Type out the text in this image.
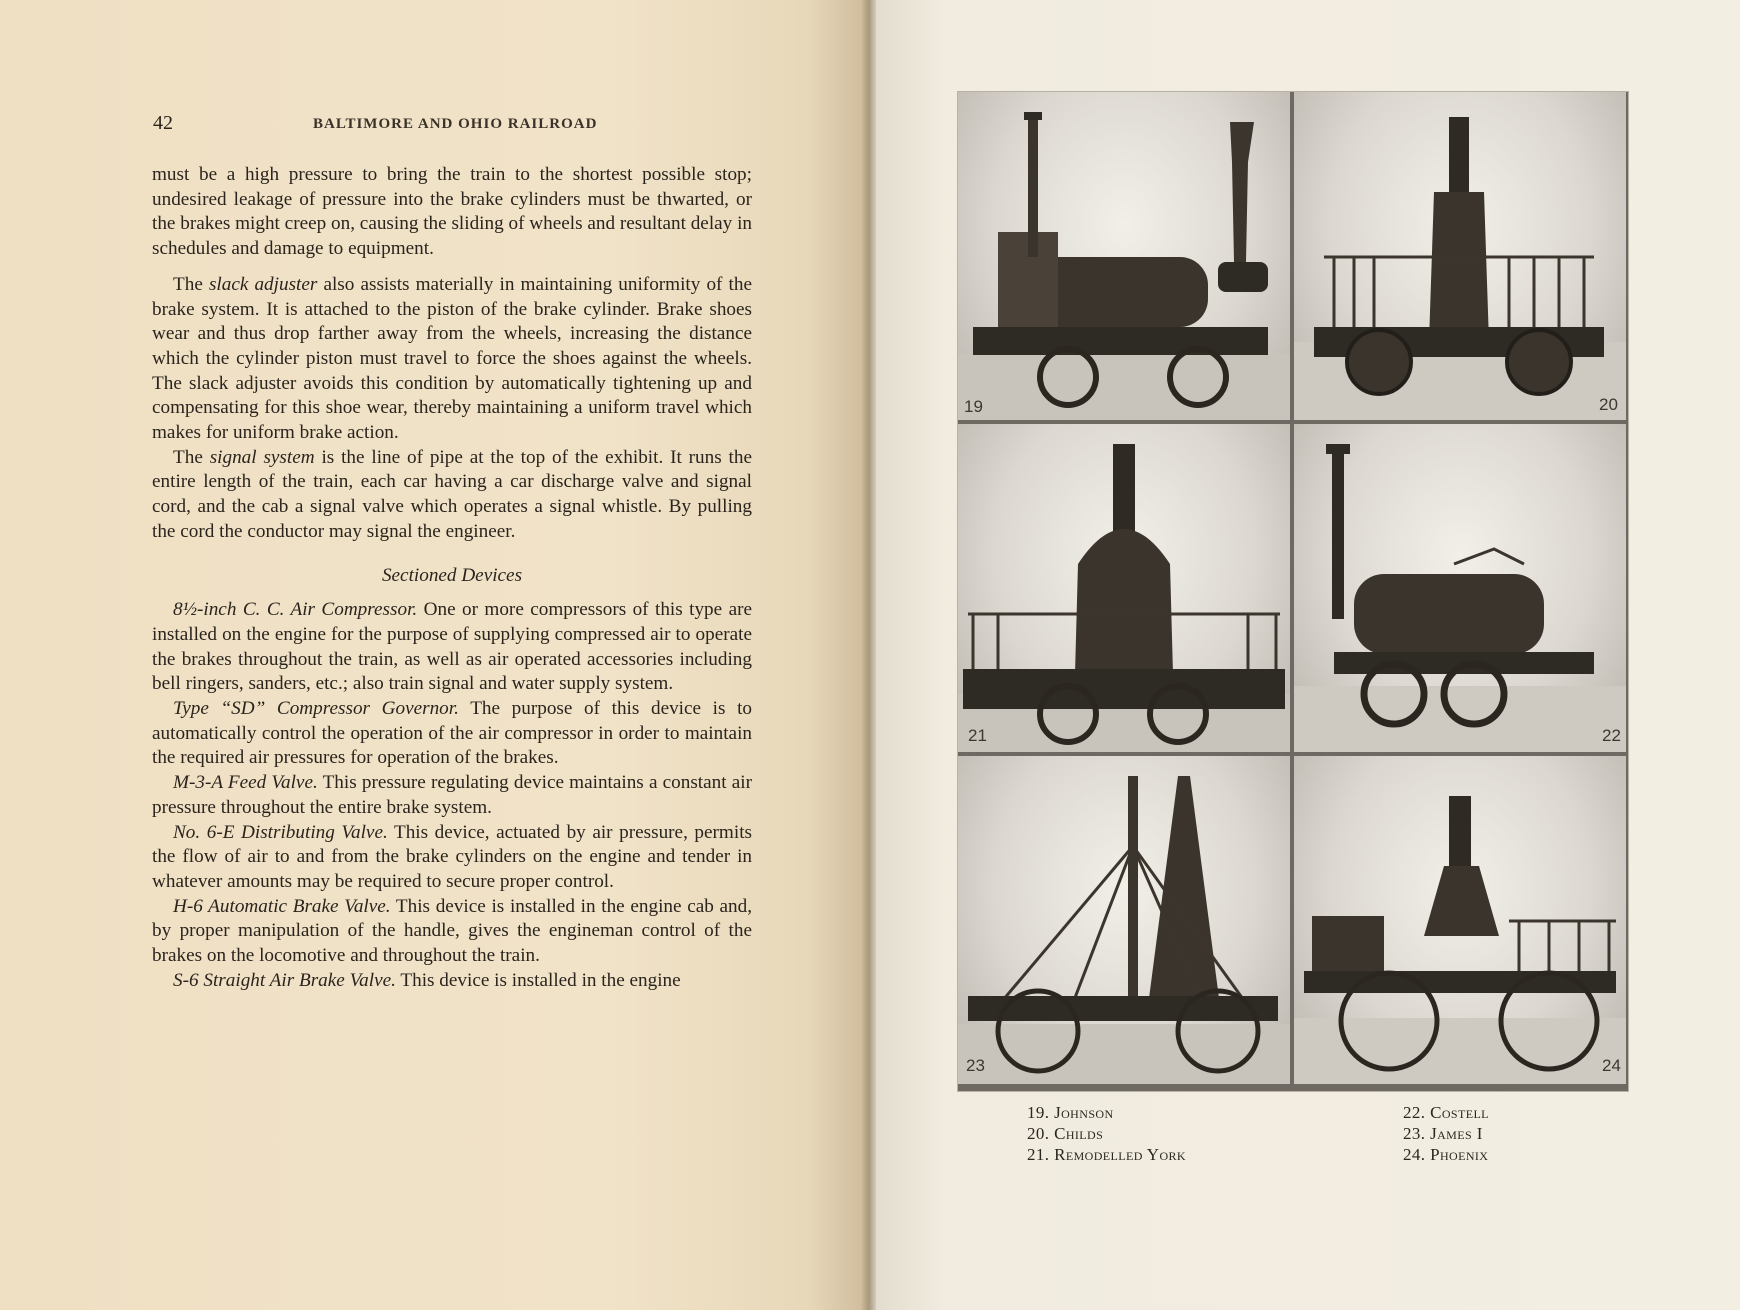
42	BALTIMORE AND OHIO RAILROAD

must be a high pressure to bring the train to the shortest possible stop; undesired leakage of pressure into the brake cylinders must be thwarted, or the brakes might creep on, causing the sliding of wheels and resultant delay in schedules and damage to equipment.

The slack adjuster also assists materially in maintaining uniformity of the brake system. It is attached to the piston of the brake cylinder. Brake shoes wear and thus drop farther away from the wheels, increasing the distance which the cylinder piston must travel to force the shoes against the wheels. The slack adjuster avoids this condition by automatically tightening up and compensating for this shoe wear, thereby maintaining a uniform travel which makes for uniform brake action.

The signal system is the line of pipe at the top of the exhibit. It runs the entire length of the train, each car having a car discharge valve and signal cord, and the cab a signal valve which operates a signal whistle. By pulling the cord the conductor may signal the engineer.

Sectioned Devices

8½-inch C. C. Air Compressor. One or more compressors of this type are installed on the engine for the purpose of supplying compressed air to operate the brakes throughout the train, as well as air operated accessories including bell ringers, sanders, etc.; also train signal and water supply system.

Type “SD” Compressor Governor. The purpose of this device is to automatically control the operation of the air compressor in order to maintain the required air pressures for operation of the brakes.

M-3-A Feed Valve. This pressure regulating device maintains a constant air pressure throughout the entire brake system.

No. 6-E Distributing Valve. This device, actuated by air pressure, permits the flow of air to and from the brake cylinders on the engine and tender in whatever amounts may be required to secure proper control.

H-6 Automatic Brake Valve. This device is installed in the engine cab and, by proper manipulation of the handle, gives the engineman control of the brakes on the locomotive and throughout the train.

S-6 Straight Air Brake Valve. This device is installed in the engine

19	20
21	22
23	24
19. Johnson
20. Childs
21. Remodelled York
22. Costell
23. James I
24. Phoenix
